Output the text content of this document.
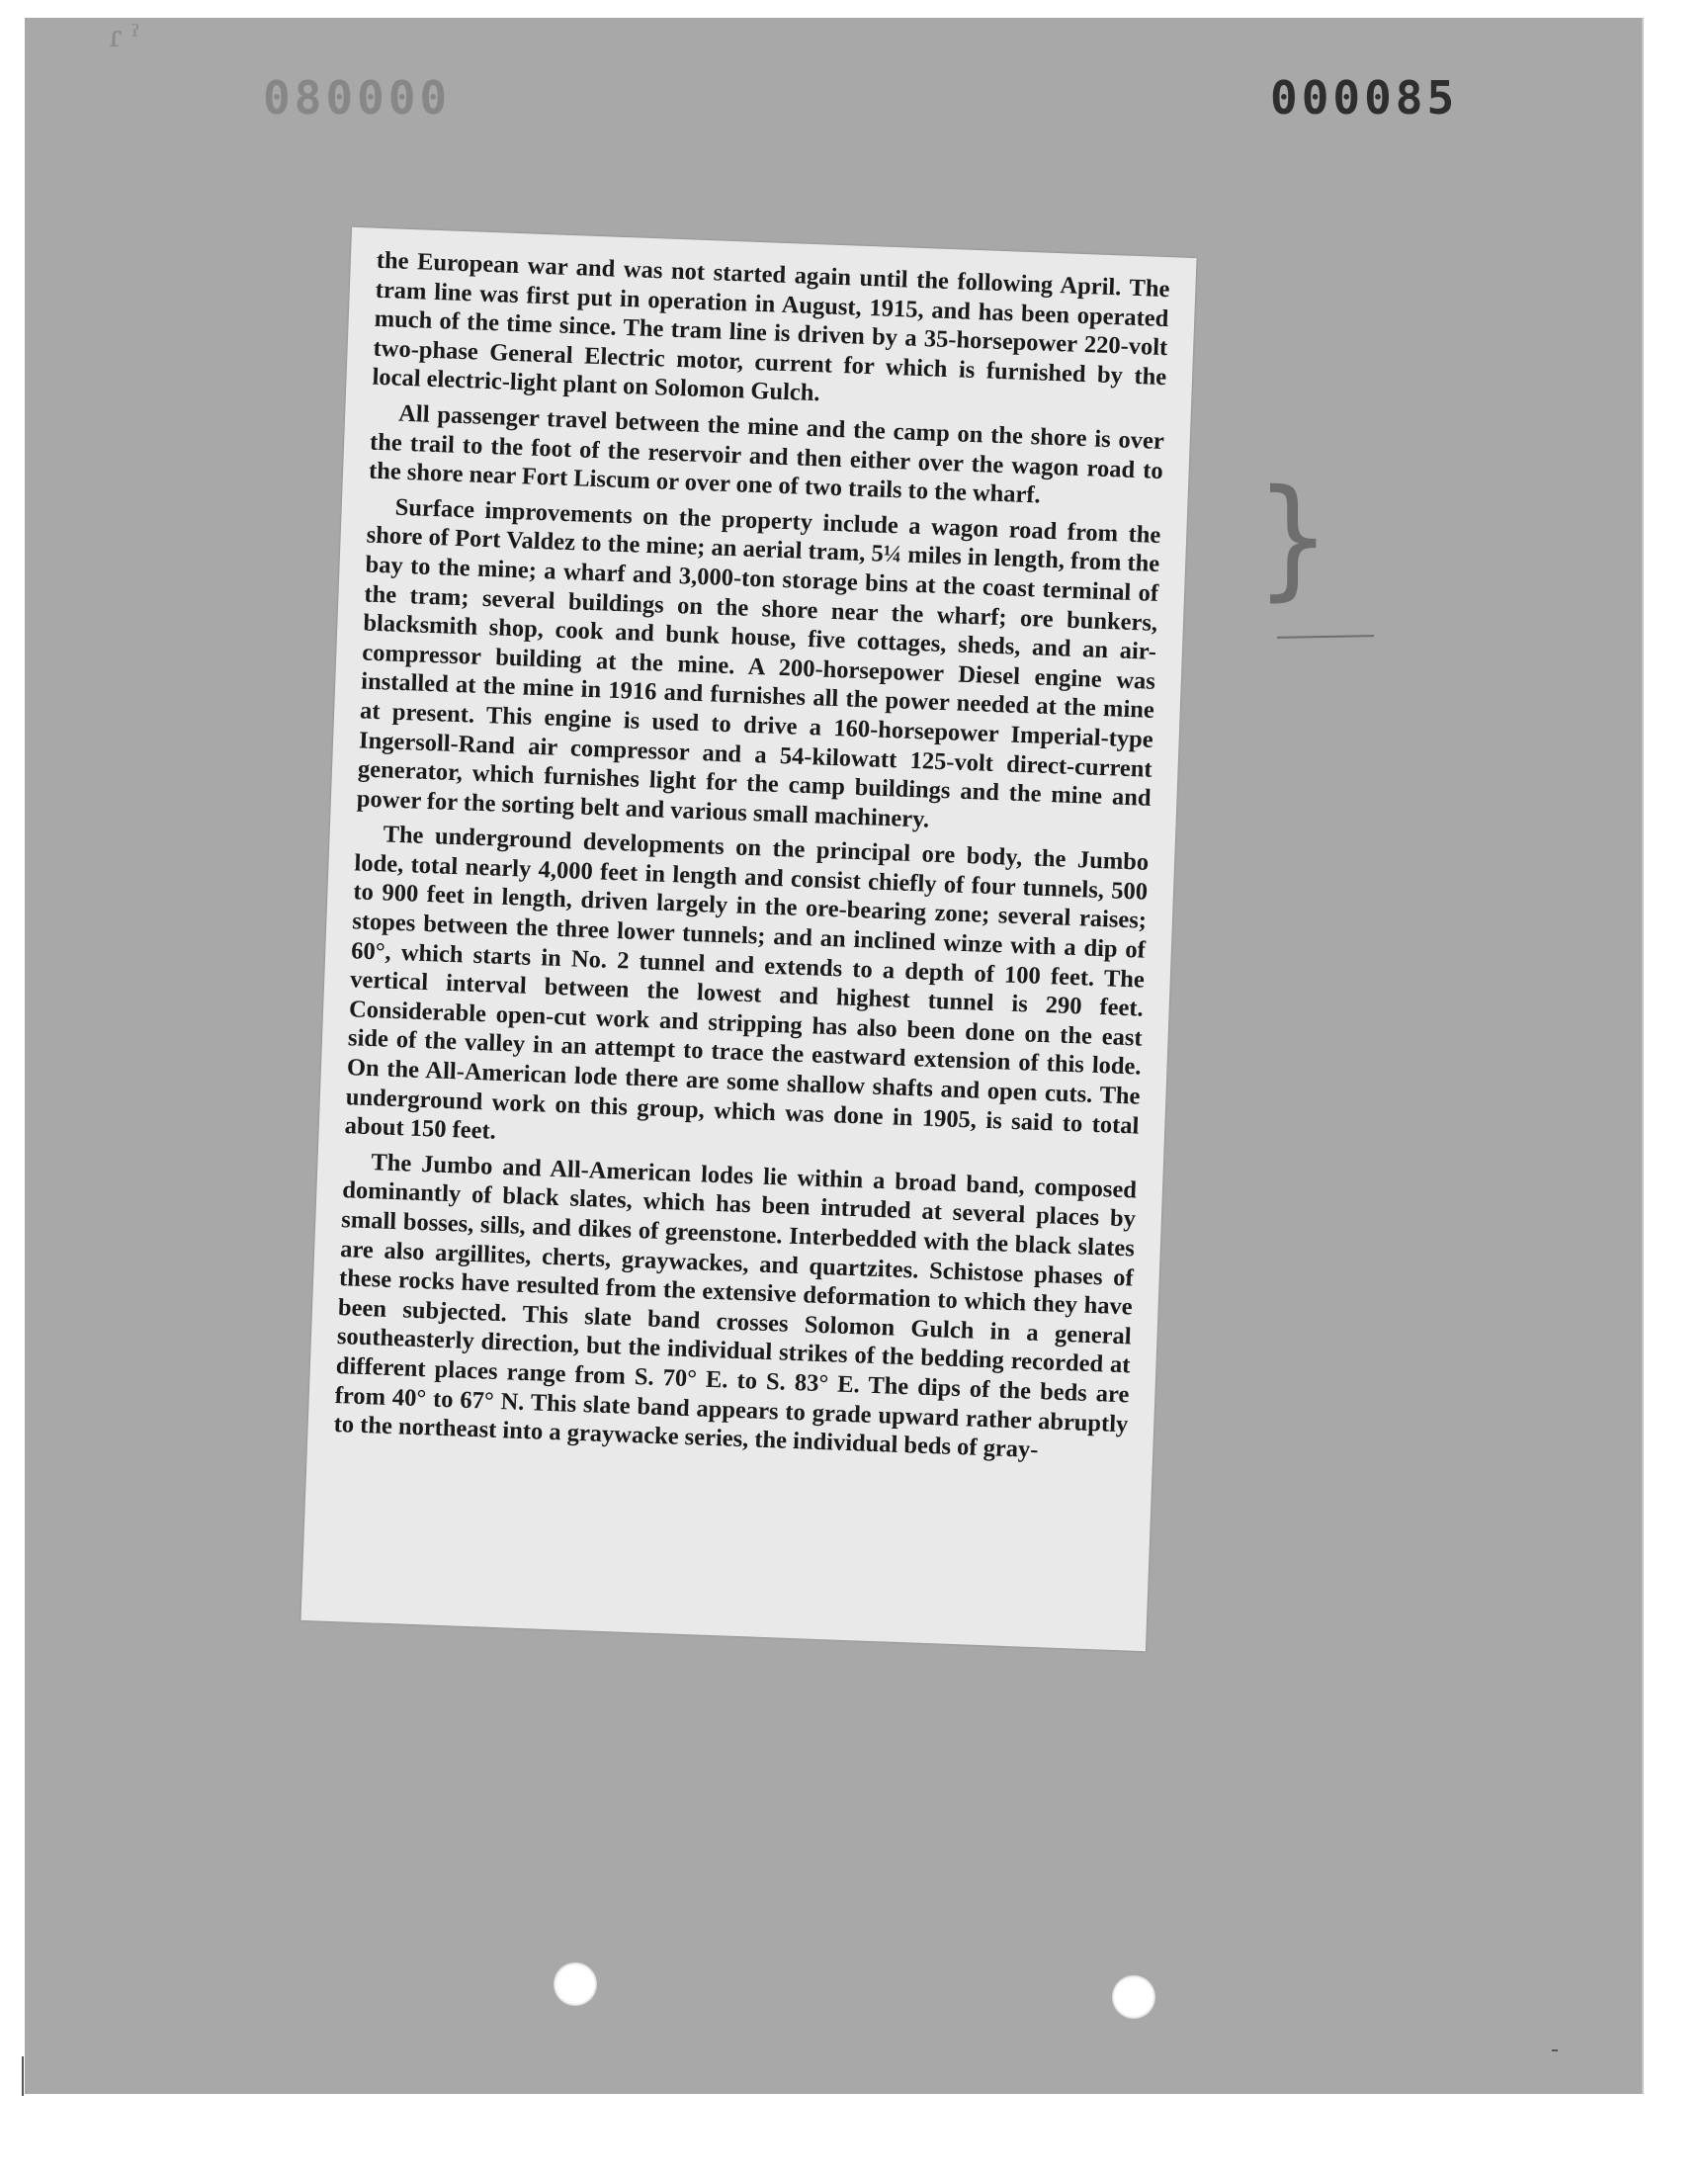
ɾ ˀ
000080	000085

the European war and was not started again until the following April. The tram line was first put in operation in August, 1915, and has been operated much of the time since. The tram line is driven by a 35-horsepower 220-volt two-phase General Electric motor, current for which is furnished by the local electric-light plant on Solomon Gulch.

All passenger travel between the mine and the camp on the shore is over the trail to the foot of the reservoir and then either over the wagon road to the shore near Fort Liscum or over one of two trails to the wharf.

Surface improvements on the property include a wagon road from the shore of Port Valdez to the mine; an aerial tram, 5¼ miles in length, from the bay to the mine; a wharf and 3,000-ton storage bins at the coast terminal of the tram; several buildings on the shore near the wharf; ore bunkers, blacksmith shop, cook and bunk house, five cottages, sheds, and an air-compressor building at the mine. A 200-horsepower Diesel engine was installed at the mine in 1916 and furnishes all the power needed at the mine at present. This engine is used to drive a 160-horsepower Imperial-type Ingersoll-Rand air compressor and a 54-kilowatt 125-volt direct-current generator, which furnishes light for the camp buildings and the mine and power for the sorting belt and various small machinery.

The underground developments on the principal ore body, the Jumbo lode, total nearly 4,000 feet in length and consist chiefly of four tunnels, 500 to 900 feet in length, driven largely in the ore-bearing zone; several raises; stopes between the three lower tunnels; and an inclined winze with a dip of 60°, which starts in No. 2 tunnel and extends to a depth of 100 feet. The vertical interval between the lowest and highest tunnel is 290 feet. Considerable open-cut work and stripping has also been done on the east side of the valley in an attempt to trace the eastward extension of this lode. On the All-American lode there are some shallow shafts and open cuts. The underground work on this group, which was done in 1905, is said to total about 150 feet.

The Jumbo and All-American lodes lie within a broad band, composed dominantly of black slates, which has been intruded at several places by small bosses, sills, and dikes of greenstone. Interbedded with the black slates are also argillites, cherts, graywackes, and quartzites. Schistose phases of these rocks have resulted from the extensive deformation to which they have been subjected. This slate band crosses Solomon Gulch in a general southeasterly direction, but the individual strikes of the bedding recorded at different places range from S. 70° E. to S. 83° E. The dips of the beds are from 40° to 67° N. This slate band appears to grade upward rather abruptly to the northeast into a graywacke series, the individual beds of gray-

}
